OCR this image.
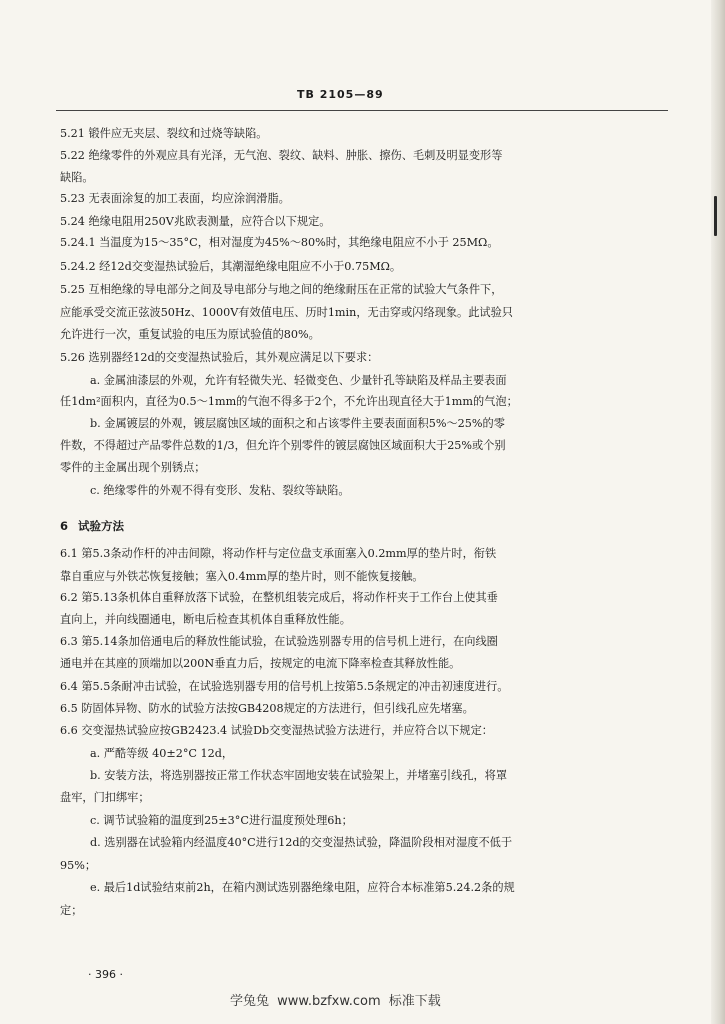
TB 2105—89
5.21 锻件应无夹层、裂纹和过烧等缺陷。
5.22 绝缘零件的外观应具有光泽，无气泡、裂纹、缺料、肿胀、擦伤、毛刺及明显变形等
缺陷。
5.23 无表面涂复的加工表面，均应涂润滑脂。
5.24 绝缘电阻用250V兆欧表测量，应符合以下规定。
5.24.1 当温度为15～35°C，相对湿度为45%～80%时，其绝缘电阻应不小于 25MΩ。
5.24.2 经12d交变湿热试验后，其潮湿绝缘电阻应不小于0.75MΩ。
5.25 互相绝缘的导电部分之间及导电部分与地之间的绝缘耐压在正常的试验大气条件下，
应能承受交流正弦波50Hz、1000V有效值电压、历时1min，无击穿或闪络现象。此试验只
允许进行一次，重复试验的电压为原试验值的80%。
5.26 选别器经12d的交变湿热试验后，其外观应满足以下要求：
a. 金属油漆层的外观，允许有轻微失光、轻微变色、少量针孔等缺陷及样品主要表面
任1dm²面积内，直径为0.5～1mm的气泡不得多于2个，不允许出现直径大于1mm的气泡；
b. 金属镀层的外观，镀层腐蚀区域的面积之和占该零件主要表面面积5%～25%的零
件数，不得超过产品零件总数的1/3，但允许个别零件的镀层腐蚀区域面积大于25%或个别
零件的主金属出现个别锈点；
c. 绝缘零件的外观不得有变形、发粘、裂纹等缺陷。
6 试验方法
6.1 第5.3条动作杆的冲击间隙，将动作杆与定位盘支承面塞入0.2mm厚的垫片时，衔铁
靠自重应与外铁芯恢复接触；塞入0.4mm厚的垫片时，则不能恢复接触。
6.2 第5.13条机体自重释放落下试验，在整机组装完成后，将动作杆夹于工作台上使其垂
直向上，并向线圈通电，断电后检查其机体自重释放性能。
6.3 第5.14条加倍通电后的释放性能试验，在试验选别器专用的信号机上进行，在向线圈
通电并在其座的顶端加以200N垂直力后，按规定的电流下降率检查其释放性能。
6.4 第5.5条耐冲击试验，在试验选别器专用的信号机上按第5.5条规定的冲击初速度进行。
6.5 防固体异物、防水的试验方法按GB4208规定的方法进行，但引线孔应先堵塞。
6.6 交变湿热试验应按GB2423.4 试验Db交变湿热试验方法进行，并应符合以下规定：
a. 严酷等级 40±2°C 12d，
b. 安装方法，将选别器按正常工作状态牢固地安装在试验架上，并堵塞引线孔，将罩
盘牢，门扣绑牢；
c. 调节试验箱的温度到25±3°C进行温度预处理6h；
d. 选别器在试验箱内经温度40°C进行12d的交变湿热试验，降温阶段相对湿度不低于
95%；
e. 最后1d试验结束前2h，在箱内测试选别器绝缘电阻，应符合本标准第5.24.2条的规
定；
· 396 ·
学兔兔 www.bzfxw.com 标准下载
